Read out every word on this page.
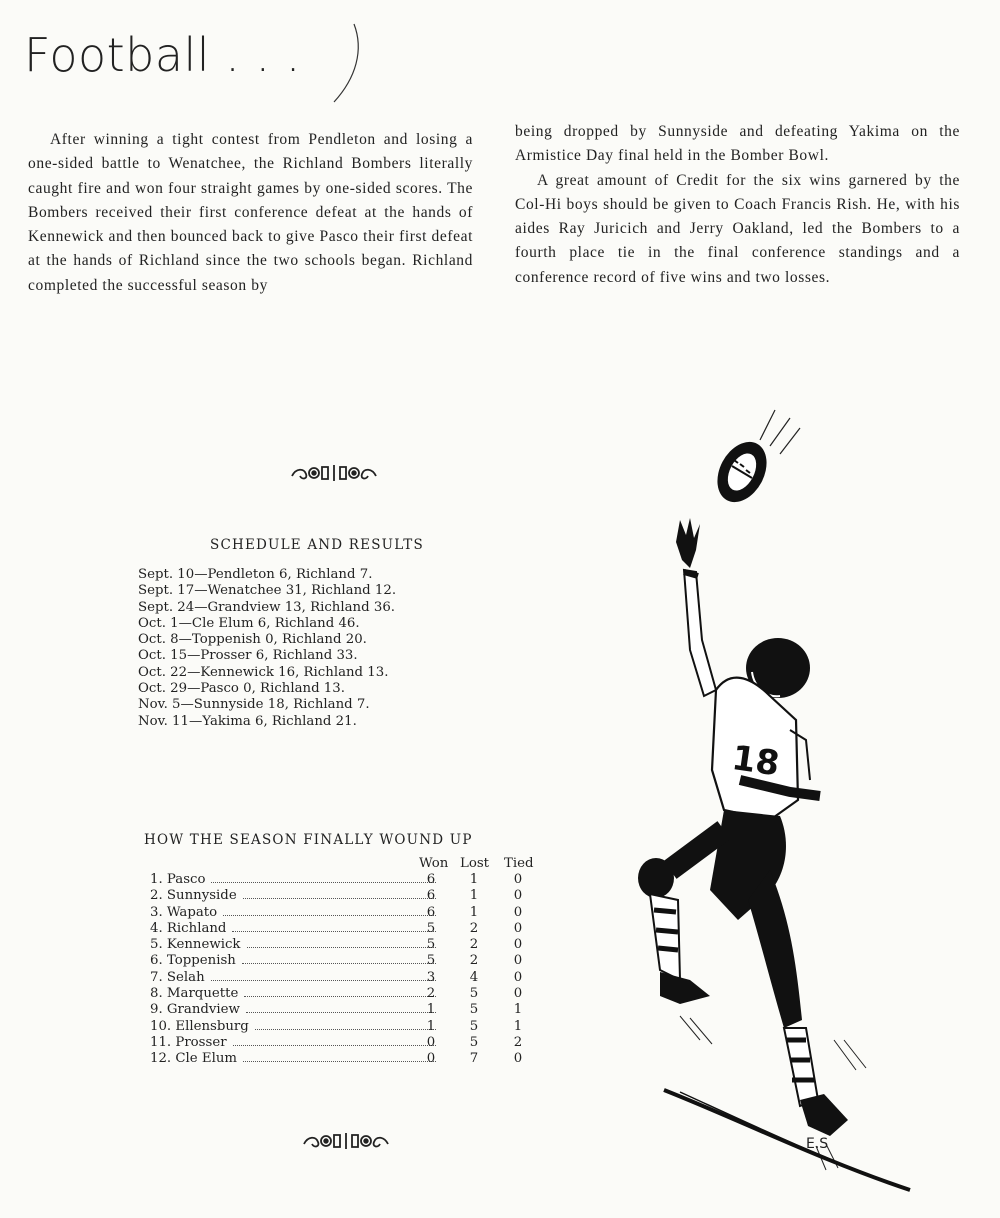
Football . . .

After winning a tight contest from Pendleton and losing a one-sided battle to Wenatchee, the Richland Bombers literally caught fire and won four straight games by one-sided scores. The Bombers received their first conference defeat at the hands of Kennewick and then bounced back to give Pasco their first defeat at the hands of Richland since the two schools began. Richland completed the successful season by

being dropped by Sunnyside and defeating Yakima on the Armistice Day final held in the Bomber Bowl.

A great amount of Credit for the six wins garnered by the Col-Hi boys should be given to Coach Francis Rish. He, with his aides Ray Juricich and Jerry Oakland, led the Bombers to a fourth place tie in the final conference standings and a conference record of five wins and two losses.

SCHEDULE AND RESULTS
Sept. 10—Pendleton 6, Richland 7.
Sept. 17—Wenatchee 31, Richland 12.
Sept. 24—Grandview 13, Richland 36.
Oct. 1—Cle Elum 6, Richland 46.
Oct. 8—Toppenish 0, Richland 20.
Oct. 15—Prosser 6, Richland 33.
Oct. 22—Kennewick 16, Richland 13.
Oct. 29—Pasco 0, Richland 13.
Nov. 5—Sunnyside 18, Richland 7.
Nov. 11—Yakima 6, Richland 21.
HOW THE SEASON FINALLY WOUND UP
Won Lost Tied
1. Pasco	6	1	0
2. Sunnyside	6	1	0
3. Wapato	6	1	0
4. Richland	5	2	0
5. Kennewick	5	2	0
6. Toppenish	5	2	0
7. Selah	3	4	0
8. Marquette	2	5	0
9. Grandview	1	5	1
10. Ellensburg	1	5	1
11. Prosser	0	5	2
12. Cle Elum	0	7	0
18
E.S
